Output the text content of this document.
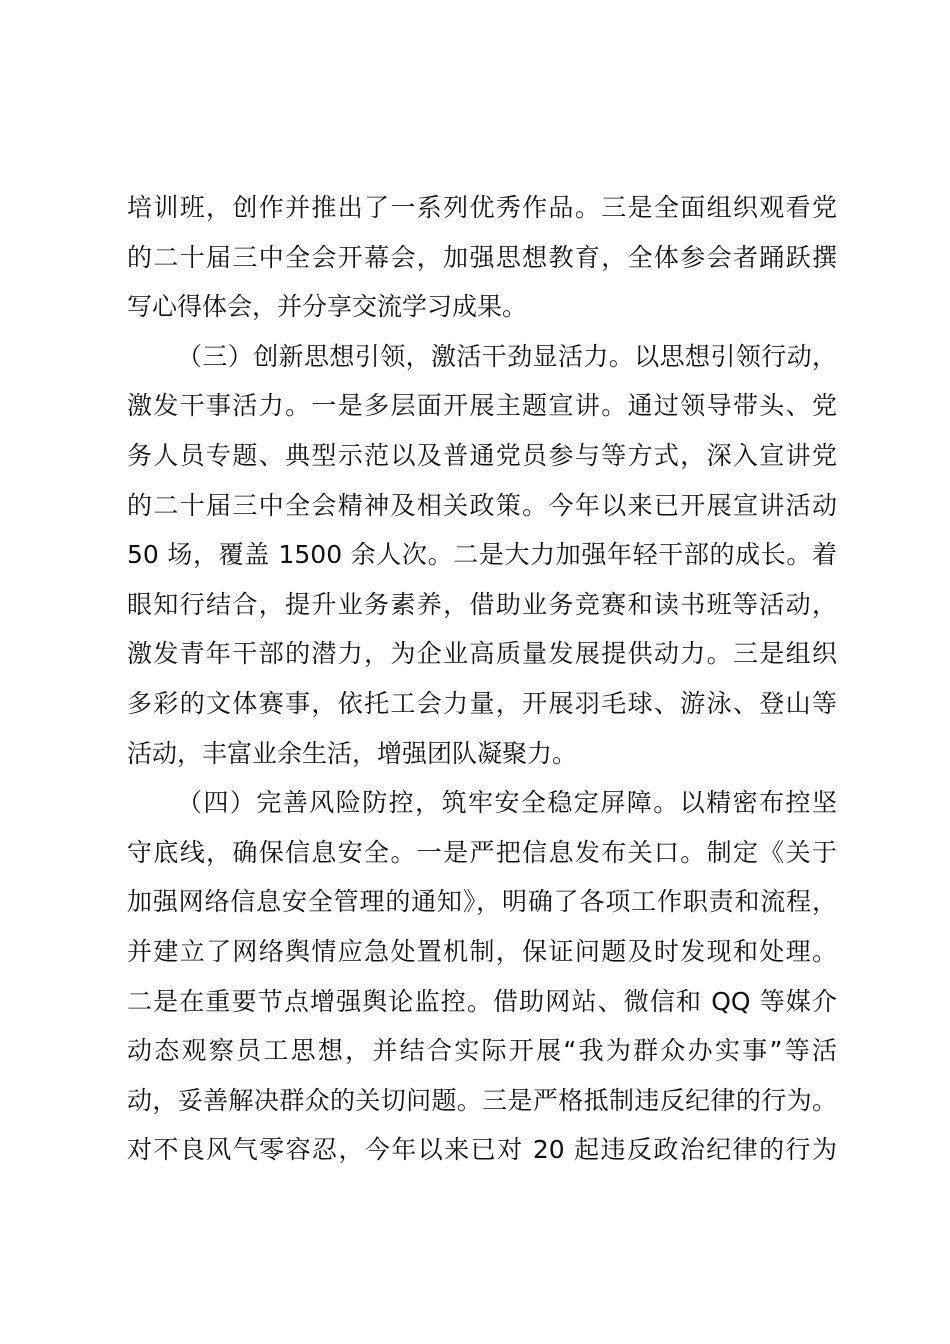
培训班，创作并推出了一系列优秀作品。三是全面组织观看党
的二十届三中全会开幕会，加强思想教育，全体参会者踊跃撰
写心得体会，并分享交流学习成果。
（三）创新思想引领，激活干劲显活力。以思想引领行动，
激发干事活力。一是多层面开展主题宣讲。通过领导带头、党
务人员专题、典型示范以及普通党员参与等方式，深入宣讲党
的二十届三中全会精神及相关政策。今年以来已开展宣讲活动
50 场，覆盖 1500 余人次。二是大力加强年轻干部的成长。着
眼知行结合，提升业务素养，借助业务竞赛和读书班等活动，
激发青年干部的潜力，为企业高质量发展提供动力。三是组织
多彩的文体赛事，依托工会力量，开展羽毛球、游泳、登山等
活动，丰富业余生活，增强团队凝聚力。
（四）完善风险防控，筑牢安全稳定屏障。以精密布控坚
守底线，确保信息安全。一是严把信息发布关口。制定《关于
加强网络信息安全管理的通知》，明确了各项工作职责和流程，
并建立了网络舆情应急处置机制，保证问题及时发现和处理。
二是在重要节点增强舆论监控。借助网站、微信和 QQ 等媒介
动态观察员工思想，并结合实际开展“我为群众办实事”等活
动，妥善解决群众的关切问题。三是严格抵制违反纪律的行为。
对不良风气零容忍，今年以来已对 20 起违反政治纪律的行为
